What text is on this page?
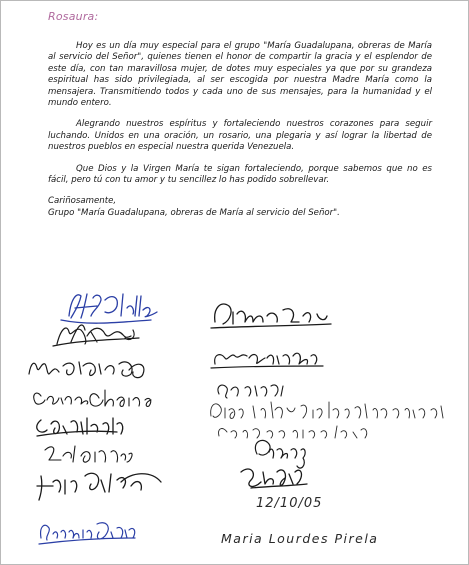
Rosaura:

Hoy es un día muy especial para el grupo "María Guadalupana, obreras de María al servicio del Señor", quienes tienen el honor de compartir la gracia y el esplendor de este día, con tan maravillosa mujer, de dotes muy especiales ya que por su grandeza espiritual has sido privilegiada, al ser escogida por nuestra Madre María como la mensajera. Transmitiendo todos y cada uno de sus mensajes, para la humanidad y el mundo entero.

Alegrando nuestros espíritus y fortaleciendo nuestros corazones para seguir luchando. Unidos en una oración, un rosario, una plegaria y así lograr la libertad de nuestros pueblos en especial nuestra querida Venezuela.

Que Dios y la Virgen María te sigan fortaleciendo, porque sabemos que no es fácil, pero tú con tu amor y tu sencillez lo has podido sobrellevar.

Cariñosamente,
Grupo "María Guadalupana, obreras de María al servicio del Señor".
12/10/05
Maria Lourdes Pirela
